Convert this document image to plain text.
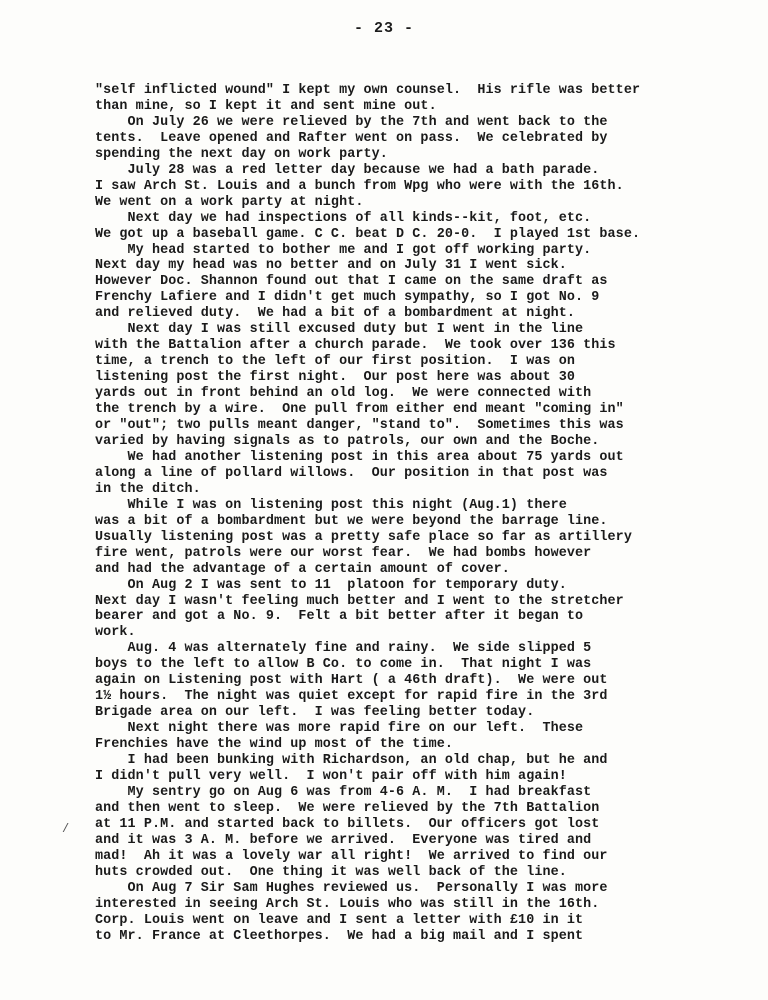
- 23 -
/
"self inflicted wound" I kept my own counsel.  His rifle was better
than mine, so I kept it and sent mine out.
On July 26 we were relieved by the 7th and went back to the
tents.  Leave opened and Rafter went on pass.  We celebrated by
spending the next day on work party.
July 28 was a red letter day because we had a bath parade.
I saw Arch St. Louis and a bunch from Wpg who were with the 16th.
We went on a work party at night.
Next day we had inspections of all kinds--kit, foot, etc.
We got up a baseball game. C C. beat D C. 20-0.  I played 1st base.
My head started to bother me and I got off working party.
Next day my head was no better and on July 31 I went sick.
However Doc. Shannon found out that I came on the same draft as
Frenchy Lafiere and I didn't get much sympathy, so I got No. 9
and relieved duty.  We had a bit of a bombardment at night.
Next day I was still excused duty but I went in the line
with the Battalion after a church parade.  We took over 136 this
time, a trench to the left of our first position.  I was on
listening post the first night.  Our post here was about 30
yards out in front behind an old log.  We were connected with
the trench by a wire.  One pull from either end meant "coming in"
or "out"; two pulls meant danger, "stand to".  Sometimes this was
varied by having signals as to patrols, our own and the Boche.
We had another listening post in this area about 75 yards out
along a line of pollard willows.  Our position in that post was
in the ditch.
While I was on listening post this night (Aug.1) there
was a bit of a bombardment but we were beyond the barrage line.
Usually listening post was a pretty safe place so far as artillery
fire went, patrols were our worst fear.  We had bombs however
and had the advantage of a certain amount of cover.
On Aug 2 I was sent to 11  platoon for temporary duty.
Next day I wasn't feeling much better and I went to the stretcher
bearer and got a No. 9.  Felt a bit better after it began to
work.
Aug. 4 was alternately fine and rainy.  We side slipped 5
boys to the left to allow B Co. to come in.  That night I was
again on Listening post with Hart ( a 46th draft).  We were out
1½ hours.  The night was quiet except for rapid fire in the 3rd
Brigade area on our left.  I was feeling better today.
Next night there was more rapid fire on our left.  These
Frenchies have the wind up most of the time.
I had been bunking with Richardson, an old chap, but he and
I didn't pull very well.  I won't pair off with him again!
My sentry go on Aug 6 was from 4-6 A. M.  I had breakfast
and then went to sleep.  We were relieved by the 7th Battalion
at 11 P.M. and started back to billets.  Our officers got lost
and it was 3 A. M. before we arrived.  Everyone was tired and
mad!  Ah it was a lovely war all right!  We arrived to find our
huts crowded out.  One thing it was well back of the line.
On Aug 7 Sir Sam Hughes reviewed us.  Personally I was more
interested in seeing Arch St. Louis who was still in the 16th.
Corp. Louis went on leave and I sent a letter with £10 in it
to Mr. France at Cleethorpes.  We had a big mail and I spent
